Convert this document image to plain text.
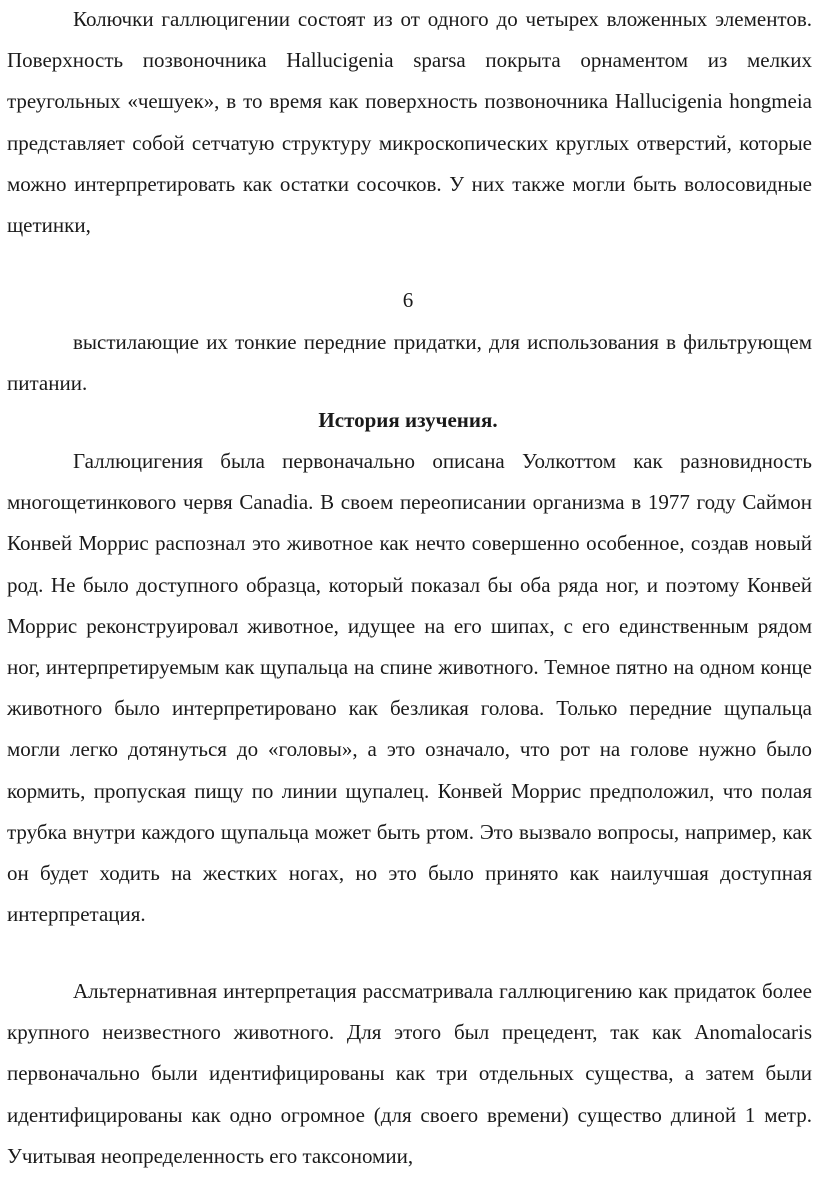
Колючки галлюцигении состоят из от одного до четырех вложенных элементов. Поверхность позвоночника Hallucigenia sparsa покрыта орнаментом из мелких треугольных «чешуек», в то время как поверхность позвоночника Hallucigenia hongmeia представляет собой сетчатую структуру микроскопических круглых отверстий, которые можно интерпретировать как остатки сосочков. У них также могли быть волосовидные щетинки,

6

выстилающие их тонкие передние придатки, для использования в фильтрующем питании.

История изучения.

Галлюцигения была первоначально описана Уолкоттом как разновидность многощетинкового червя Canadia. В своем переописании организма в 1977 году Саймон Конвей Моррис распознал это животное как нечто совершенно особенное, создав новый род. Не было доступного образца, который показал бы оба ряда ног, и поэтому Конвей Моррис реконструировал животное, идущее на его шипах, с его единственным рядом ног, интерпретируемым как щупальца на спине животного. Темное пятно на одном конце животного было интерпретировано как безликая голова. Только передние щупальца могли легко дотянуться до «головы», а это означало, что рот на голове нужно было кормить, пропуская пищу по линии щупалец. Конвей Моррис предположил, что полая трубка внутри каждого щупальца может быть ртом. Это вызвало вопросы, например, как он будет ходить на жестких ногах, но это было принято как наилучшая доступная интерпретация.

Альтернативная интерпретация рассматривала галлюцигению как придаток более крупного неизвестного животного. Для этого был прецедент, так как Anomalocaris первоначально были идентифицированы как три отдельных существа, а затем были идентифицированы как одно огромное (для своего времени) существо длиной 1 метр. Учитывая неопределенность его таксономии,
